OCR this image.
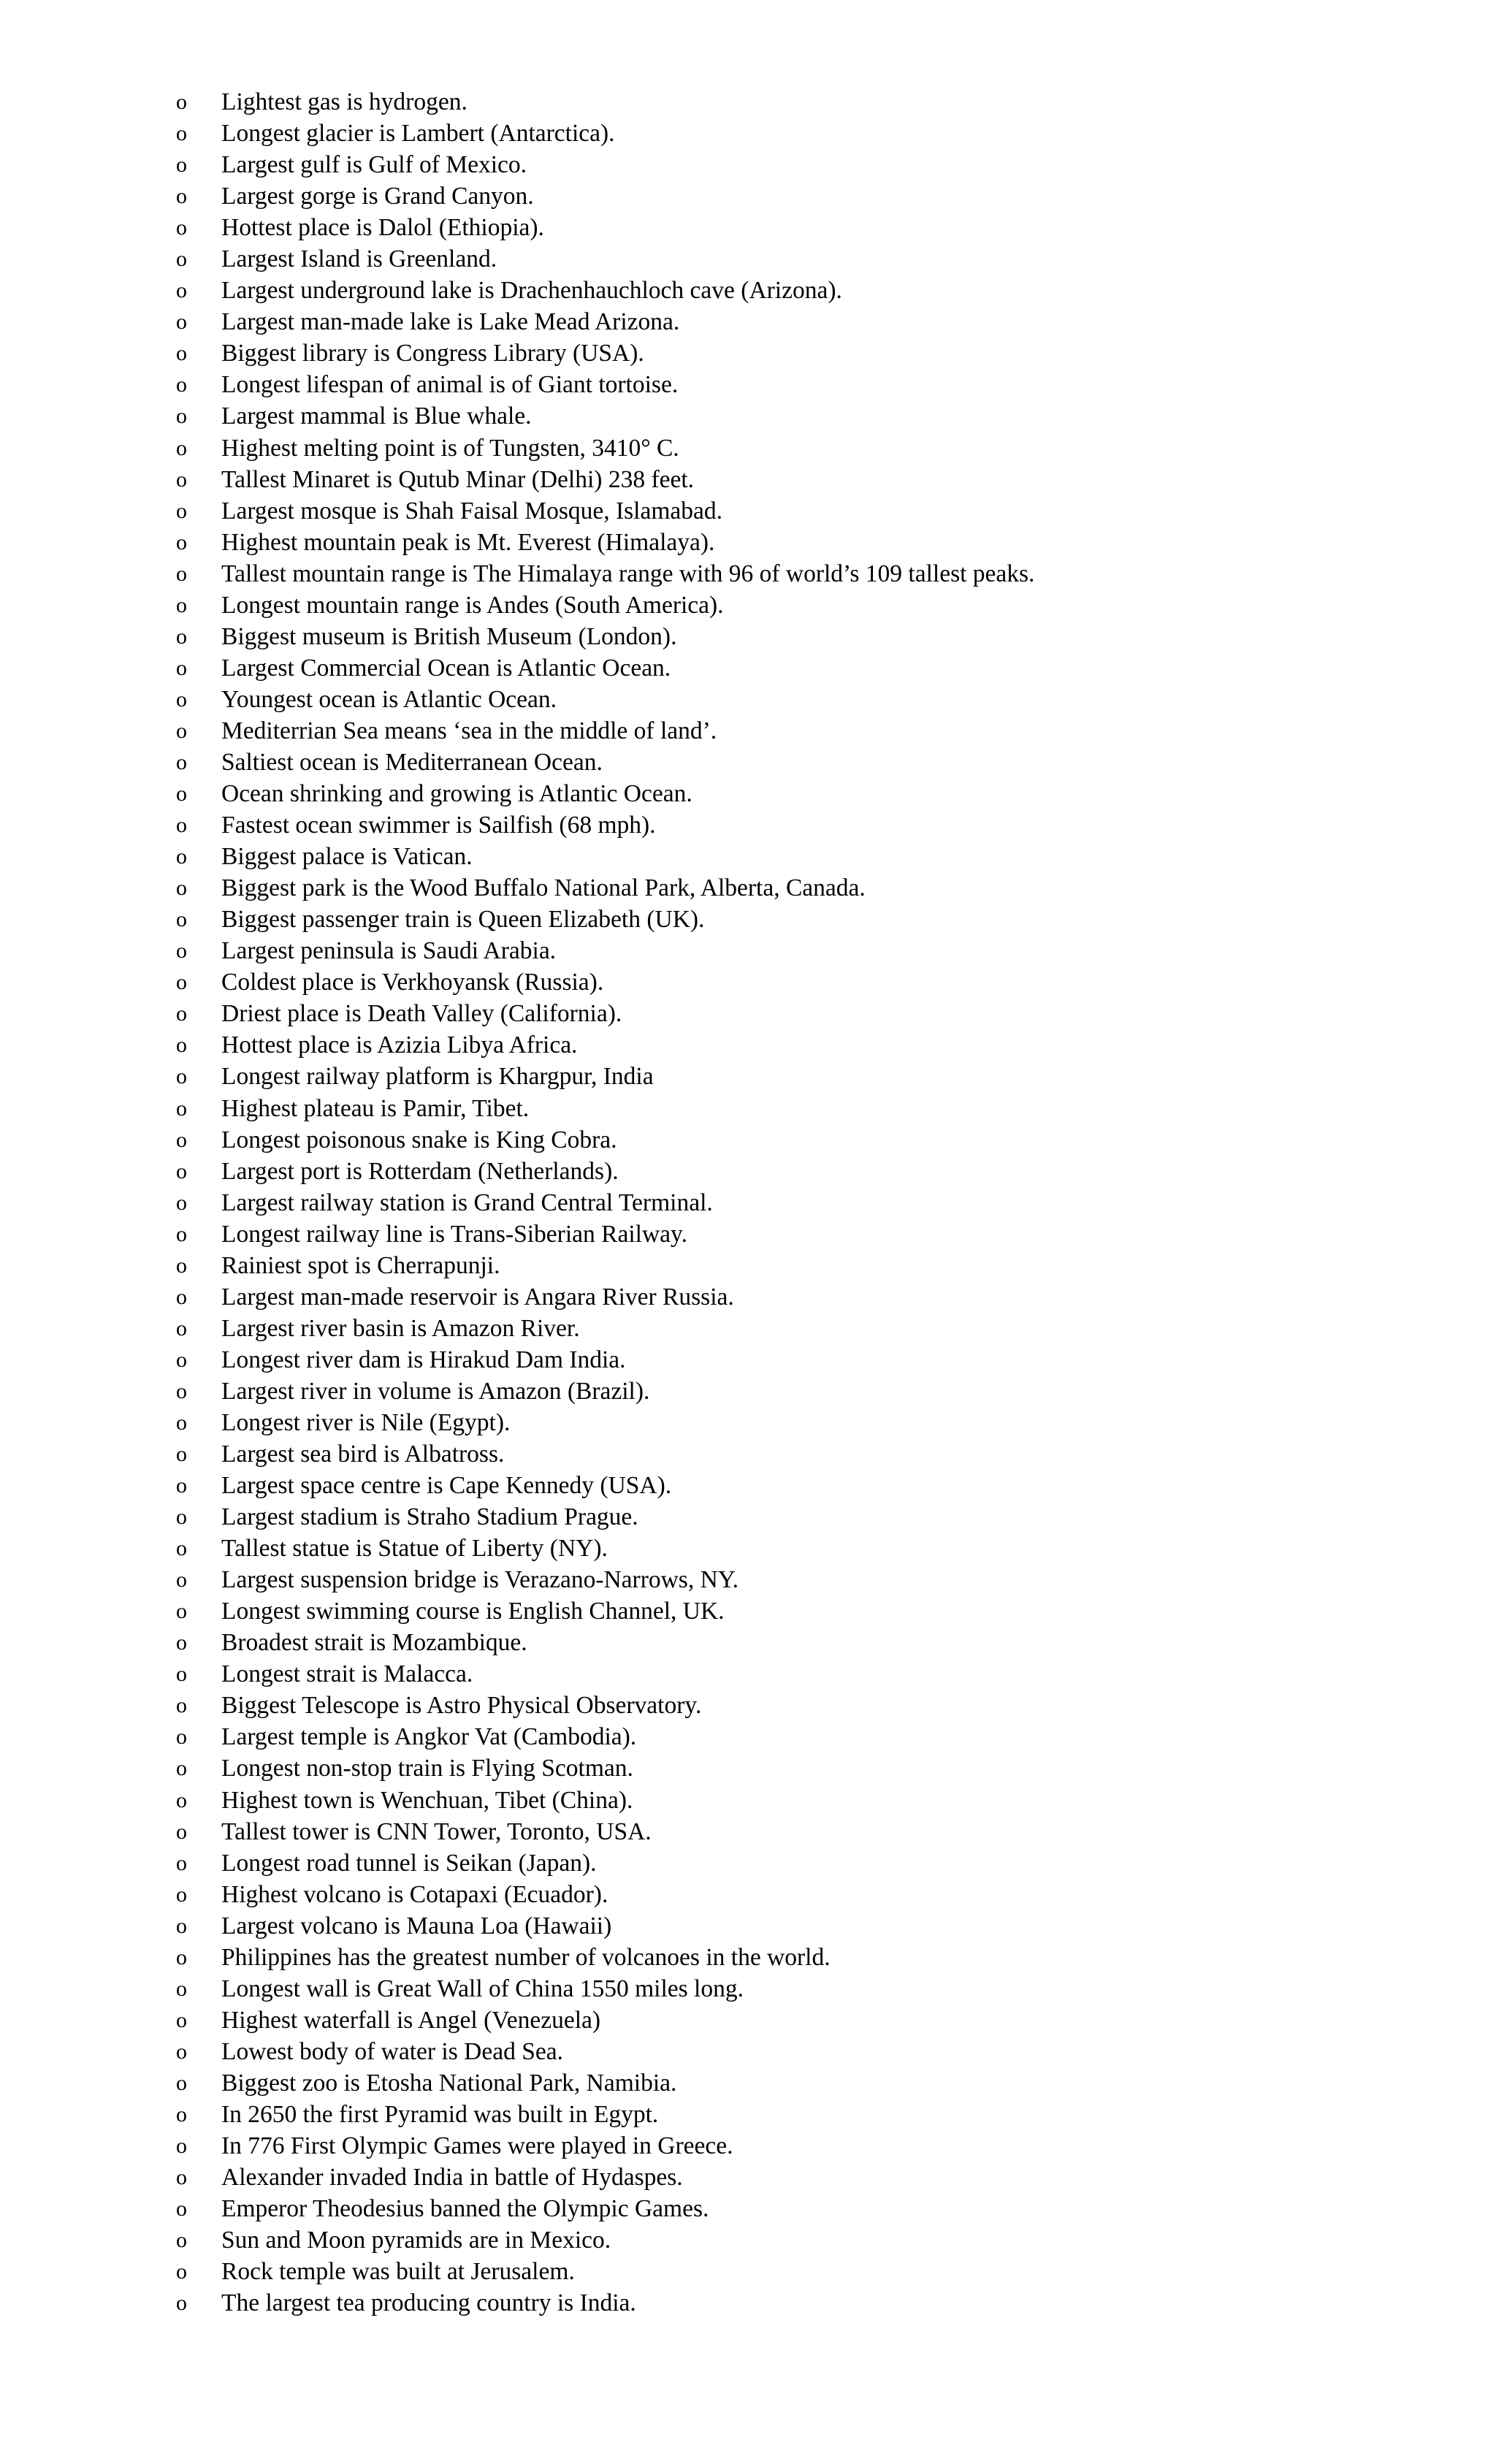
o Lightest gas is hydrogen.
o Longest glacier is Lambert (Antarctica).
o Largest gulf is Gulf of Mexico.
o Largest gorge is Grand Canyon.
o Hottest place is Dalol (Ethiopia).
o Largest Island is Greenland.
o Largest underground lake is Drachenhauchloch cave (Arizona).
o Largest man-made lake is Lake Mead Arizona.
o Biggest library is Congress Library (USA).
o Longest lifespan of animal is of Giant tortoise.
o Largest mammal is Blue whale.
o Highest melting point is of Tungsten, 3410° C.
o Tallest Minaret is Qutub Minar (Delhi) 238 feet.
o Largest mosque is Shah Faisal Mosque, Islamabad.
o Highest mountain peak is Mt. Everest (Himalaya).
o Tallest mountain range is The Himalaya range with 96 of world’s 109 tallest peaks.
o Longest mountain range is Andes (South America).
o Biggest museum is British Museum (London).
o Largest Commercial Ocean is Atlantic Ocean.
o Youngest ocean is Atlantic Ocean.
o Mediterrian Sea means ‘sea in the middle of land’.
o Saltiest ocean is Mediterranean Ocean.
o Ocean shrinking and growing is Atlantic Ocean.
o Fastest ocean swimmer is Sailfish (68 mph).
o Biggest palace is Vatican.
o Biggest park is the Wood Buffalo National Park, Alberta, Canada.
o Biggest passenger train is Queen Elizabeth (UK).
o Largest peninsula is Saudi Arabia.
o Coldest place is Verkhoyansk (Russia).
o Driest place is Death Valley (California).
o Hottest place is Azizia Libya Africa.
o Longest railway platform is Khargpur, India
o Highest plateau is Pamir, Tibet.
o Longest poisonous snake is King Cobra.
o Largest port is Rotterdam (Netherlands).
o Largest railway station is Grand Central Terminal.
o Longest railway line is Trans-Siberian Railway.
o Rainiest spot is Cherrapunji.
o Largest man-made reservoir is Angara River Russia.
o Largest river basin is Amazon River.
o Longest river dam is Hirakud Dam India.
o Largest river in volume is Amazon (Brazil).
o Longest river is Nile (Egypt).
o Largest sea bird is Albatross.
o Largest space centre is Cape Kennedy (USA).
o Largest stadium is Straho Stadium Prague.
o Tallest statue is Statue of Liberty (NY).
o Largest suspension bridge is Verazano-Narrows, NY.
o Longest swimming course is English Channel, UK.
o Broadest strait is Mozambique.
o Longest strait is Malacca.
o Biggest Telescope is Astro Physical Observatory.
o Largest temple is Angkor Vat (Cambodia).
o Longest non-stop train is Flying Scotman.
o Highest town is Wenchuan, Tibet (China).
o Tallest tower is CNN Tower, Toronto, USA.
o Longest road tunnel is Seikan (Japan).
o Highest volcano is Cotapaxi (Ecuador).
o Largest volcano is Mauna Loa (Hawaii)
o Philippines has the greatest number of volcanoes in the world.
o Longest wall is Great Wall of China 1550 miles long.
o Highest waterfall is Angel (Venezuela)
o Lowest body of water is Dead Sea.
o Biggest zoo is Etosha National Park, Namibia.
o In 2650 the first Pyramid was built in Egypt.
o In 776 First Olympic Games were played in Greece.
o Alexander invaded India in battle of Hydaspes.
o Emperor Theodesius banned the Olympic Games.
o Sun and Moon pyramids are in Mexico.
o Rock temple was built at Jerusalem.
o The largest tea producing country is India.
